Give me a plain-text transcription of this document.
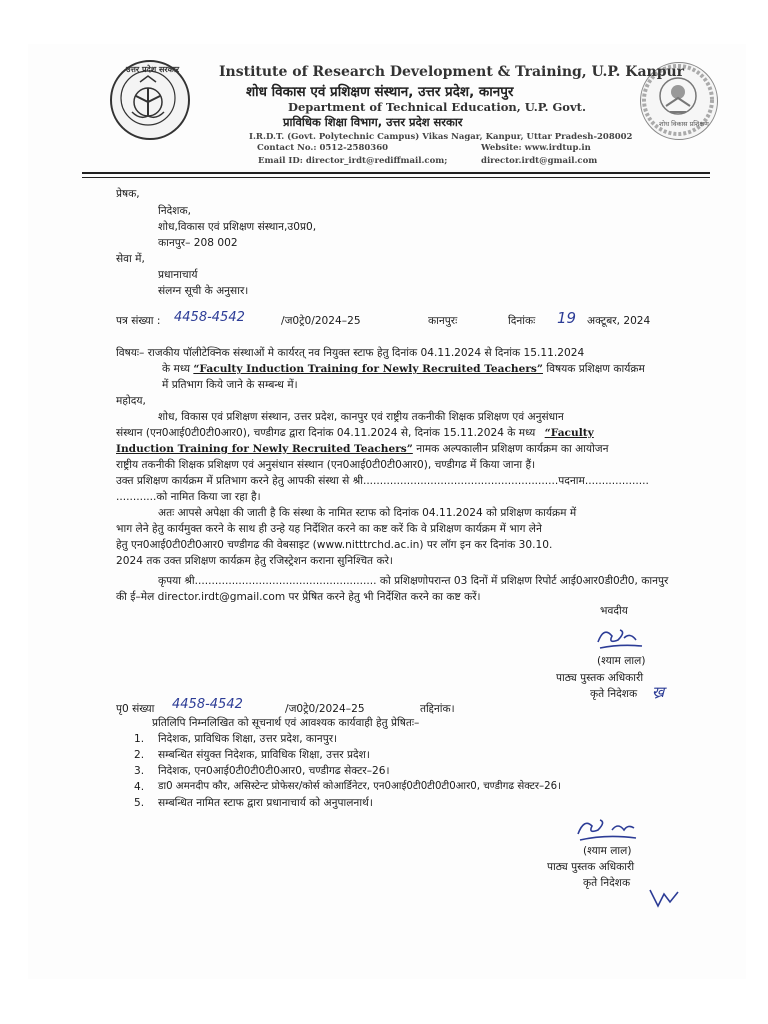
उत्तर प्रदेश सरकार
शोध विकास प्रशिक्षण
Institute of Research Development & Training, U.P. Kanpur
शोध विकास एवं प्रशिक्षण संस्थान, उत्तर प्रदेश, कानपुर
Department of Technical Education, U.P. Govt.
प्राविधिक शिक्षा विभाग, उत्तर प्रदेश सरकार
I.R.D.T. (Govt. Polytechnic Campus) Vikas Nagar, Kanpur, Uttar Pradesh-208002
Contact No.: 0512-2580360	Website: www.irdtup.in
Email ID: director_irdt@rediffmail.com;	director.irdt@gmail.com
प्रेषक,
निदेशक,
शोध,विकास एवं प्रशिक्षण संस्थान,उ0प्र0,
कानपुर– 208 002
सेवा में,
प्रधानाचार्य
संलग्न सूची के अनुसार।
पत्र संख्या : 4458-4542	/ज0ट्रे0/2024–25	कानपुरः	दिनांकः 19 अक्टूबर, 2024
विषयः– राजकीय पॉलीटेक्निक संस्थाओं मे कार्यरत् नव नियुक्त स्टाफ हेतु दिनांक 04.11.2024 से दिनांक 15.11.2024
के मध्य “Faculty Induction Training for Newly Recruited Teachers” विषयक प्रशिक्षण कार्यक्रम
में प्रतिभाग किये जाने के सम्बन्ध में।
महोदय,
शोध, विकास एवं प्रशिक्षण संस्थान, उत्तर प्रदेश, कानपुर एवं राष्ट्रीय तकनीकी शिक्षक प्रशिक्षण एवं अनुसंधान
संस्थान (एन0आई0टी0टी0आर0), चण्डीगढ द्वारा दिनांक 04.11.2024 से, दिनांक 15.11.2024 के मध्य “Faculty
Induction Training for Newly Recruited Teachers” नामक अल्पकालीन प्रशिक्षण कार्यक्रम का आयोजन
राष्ट्रीय तकनीकी शिक्षक प्रशिक्षण एवं अनुसंधान संस्थान (एन0आई0टी0टी0आर0), चण्डीगढ में किया जाना हैं।
उक्त प्रशिक्षण कार्यक्रम में प्रतिभाग करने हेतु आपकी संस्था से श्री..........................................................पदनाम...................
............को नामित किया जा रहा है।
अतः आपसे अपेक्षा की जाती है कि संस्था के नामित स्टाफ को दिनांक 04.11.2024 को प्रशिक्षण कार्यक्रम में
भाग लेने हेतु कार्यमुक्त करने के साथ ही उन्हे यह निर्देशित करने का कष्ट करें कि वे प्रशिक्षण कार्यक्रम में भाग लेने
हेतु एन0आई0टी0टी0आर0 चण्डीगढ की वेबसाइट (www.nitttrchd.ac.in) पर लॉग इन कर दिनांक 30.10.
2024 तक उक्त प्रशिक्षण कार्यक्रम हेतु रजिस्ट्रेशन कराना सुनिश्चित करे।
कृपया श्री...................................................... को प्रशिक्षणोपरान्त 03 दिनों में प्रशिक्षण रिपोर्ट आई0आर0डी0टी0, कानपुर
की ई–मेल director.irdt@gmail.com पर प्रेषित करने हेतु भी निर्देशित करने का कष्ट करें।
भवदीय
(श्याम लाल)
पाठ्य पुस्तक अधिकारी
कृते निदेशक ख्र
पृ0 संख्या 4458-4542	/ज0ट्रे0/2024–25	तद्दिनांक।
प्रतिलिपि निम्नलिखित को सूचनार्थ एवं आवश्यक कार्यवाही हेतु प्रेषितः–
1. निदेशक, प्राविधिक शिक्षा, उत्तर प्रदेश, कानपुर।
2. सम्बन्धित संयुक्त निदेशक, प्राविधिक शिक्षा, उत्तर प्रदेश।
3. निदेशक, एन0आई0टी0टी0टी0आर0, चण्डीगढ सेक्टर–26।
4. डा0 अमनदीप कौर, असिस्टेन्ट प्रोफेसर/कोर्स कोआर्डिनेटर, एन0आई0टी0टी0टी0आर0, चण्डीगढ सेक्टर–26।
5. सम्बन्धित नामित स्टाफ द्वारा प्रधानाचार्य को अनुपालनार्थ।
(श्याम लाल)
पाठ्य पुस्तक अधिकारी
कृते निदेशक
